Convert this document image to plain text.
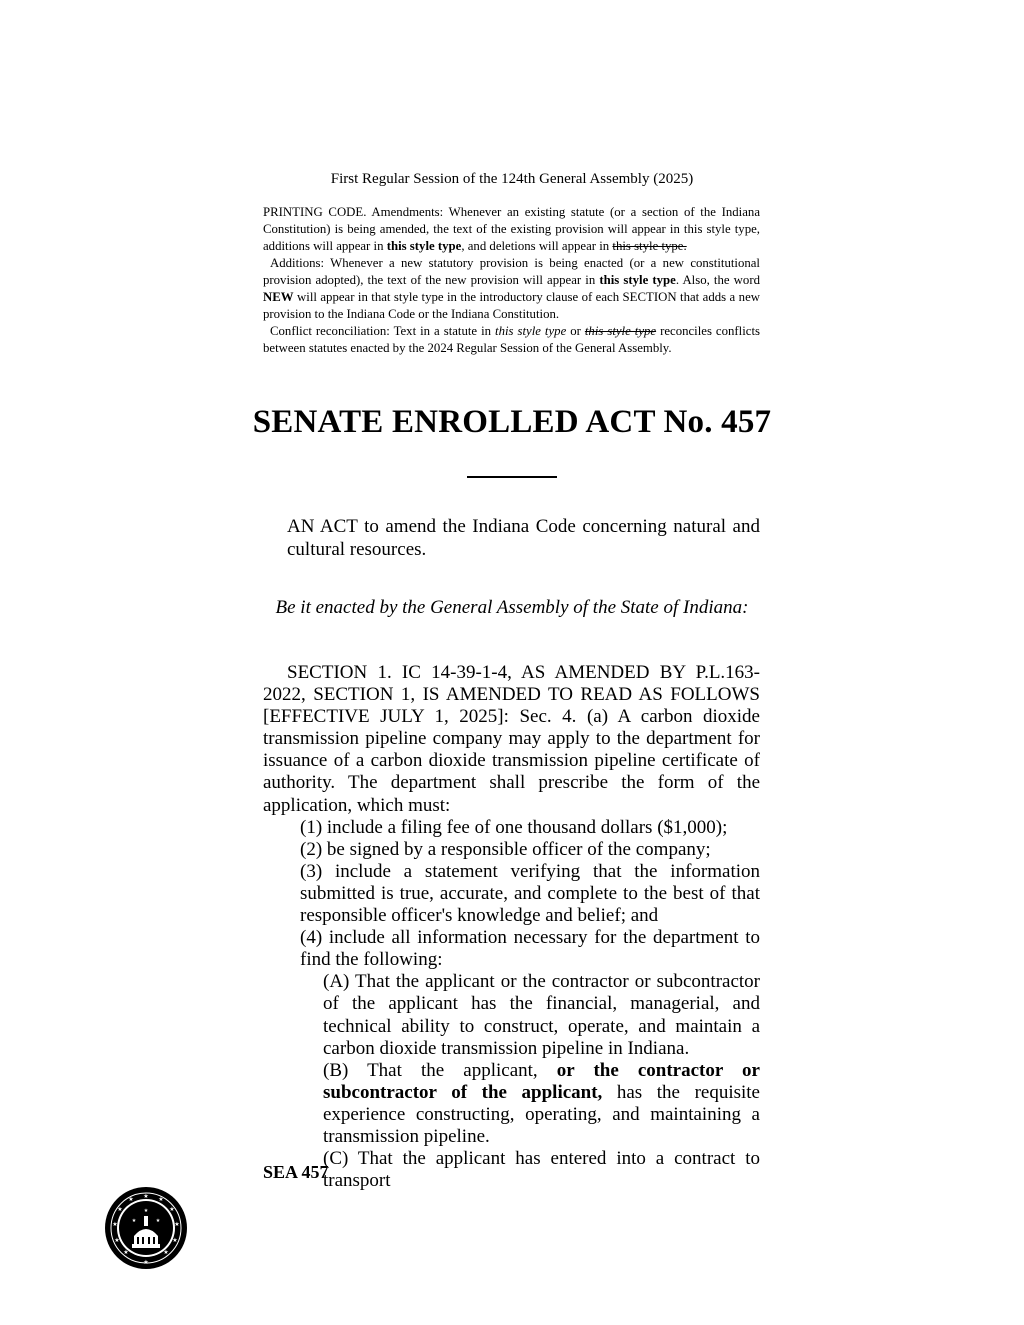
First Regular Session of the 124th General Assembly (2025)

PRINTING CODE. Amendments: Whenever an existing statute (or a section of the Indiana Constitution) is being amended, the text of the existing provision will appear in this style type, additions will appear in this style type, and deletions will appear in this style type.

Additions: Whenever a new statutory provision is being enacted (or a new constitutional provision adopted), the text of the new provision will appear in this style type. Also, the word NEW will appear in that style type in the introductory clause of each SECTION that adds a new provision to the Indiana Code or the Indiana Constitution.

Conflict reconciliation: Text in a statute in this style type or this style type reconciles conflicts between statutes enacted by the 2024 Regular Session of the General Assembly.

SENATE ENROLLED ACT No. 457
AN ACT to amend the Indiana Code concerning natural and cultural resources.
Be it enacted by the General Assembly of the State of Indiana:

SECTION 1. IC 14-39-1-4, AS AMENDED BY P.L.163-2022, SECTION 1, IS AMENDED TO READ AS FOLLOWS [EFFECTIVE JULY 1, 2025]: Sec. 4. (a) A carbon dioxide transmission pipeline company may apply to the department for issuance of a carbon dioxide transmission pipeline certificate of authority. The department shall prescribe the form of the application, which must:

(1) include a filing fee of one thousand dollars ($1,000);

(2) be signed by a responsible officer of the company;

(3) include a statement verifying that the information submitted is true, accurate, and complete to the best of that responsible officer's knowledge and belief; and

(4) include all information necessary for the department to find the following:

(A) That the applicant or the contractor or subcontractor of the applicant has the financial, managerial, and technical ability to construct, operate, and maintain a carbon dioxide transmission pipeline in Indiana.

(B) That the applicant, or the contractor or subcontractor of the applicant, has the requisite experience constructing, operating, and maintaining a transmission pipeline.

(C) That the applicant has entered into a contract to transport

SEA 457
★ ★
★
★
★
★
★
★
★
★
★
★
★	★
★
